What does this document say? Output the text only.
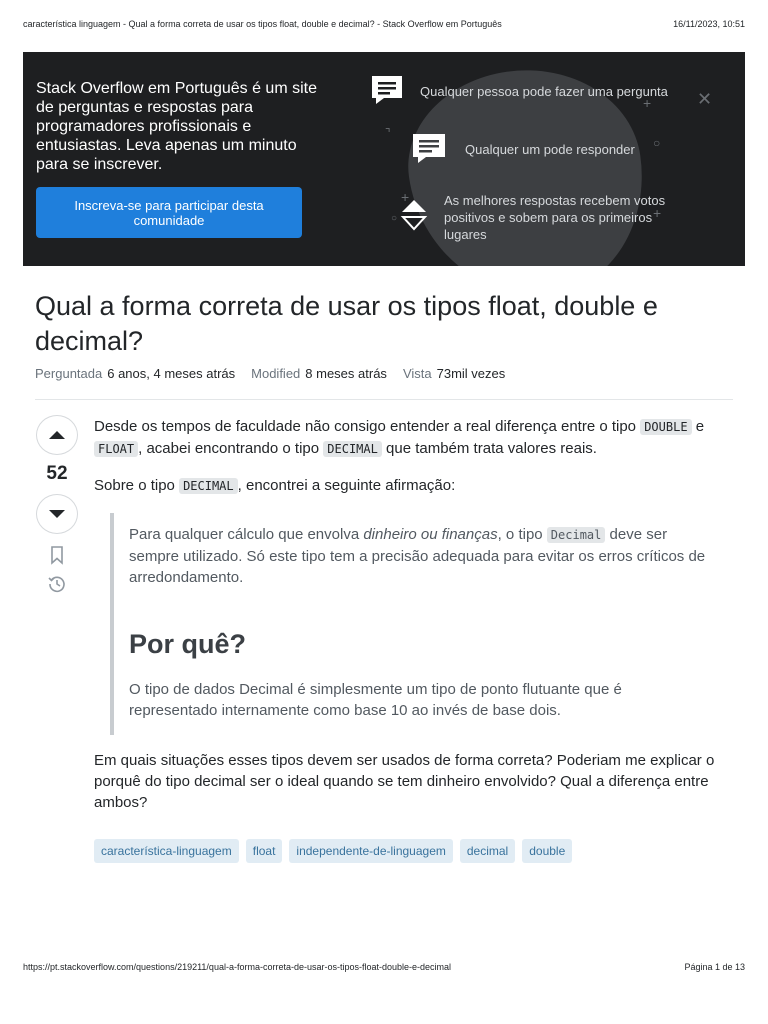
característica linguagem - Qual a forma correta de usar os tipos float, double e decimal? - Stack Overflow em Português	16/11/2023, 10:51
+	✕
○
+
+
⌝
○
Stack Overflow em Português é um site de perguntas e respostas para programadores profissionais e entusiastas. Leva apenas um minuto para se inscrever.
Inscreva-se para participar desta comunidade
Qualquer pessoa pode fazer uma pergunta
Qualquer um pode responder
As melhores respostas recebem votos positivos e sobem para os primeiros lugares
Qual a forma correta de usar os tipos float, double e decimal?
Perguntada 6 anos, 4 meses atrás Modified 8 meses atrás Vista 73mil vezes
52

Desde os tempos de faculdade não consigo entender a real diferença entre o tipo DOUBLE e FLOAT , acabei encontrando o tipo DECIMAL que também trata valores reais.

Sobre o tipo DECIMAL , encontrei a seguinte afirmação:

Para qualquer cálculo que envolva dinheiro ou finanças, o tipo Decimal deve ser sempre utilizado. Só este tipo tem a precisão adequada para evitar os erros críticos de arredondamento.

Por quê?

O tipo de dados Decimal é simplesmente um tipo de ponto flutuante que é representado internamente como base 10 ao invés de base dois.

Em quais situações esses tipos devem ser usados de forma correta? Poderiam me explicar o porquê do tipo decimal ser o ideal quando se tem dinheiro envolvido? Qual a diferença entre ambos?

característica-linguagem	float	independente-de-linguagem	decimal	double
https://pt.stackoverflow.com/questions/219211/qual-a-forma-correta-de-usar-os-tipos-float-double-e-decimal	Página 1 de 13
